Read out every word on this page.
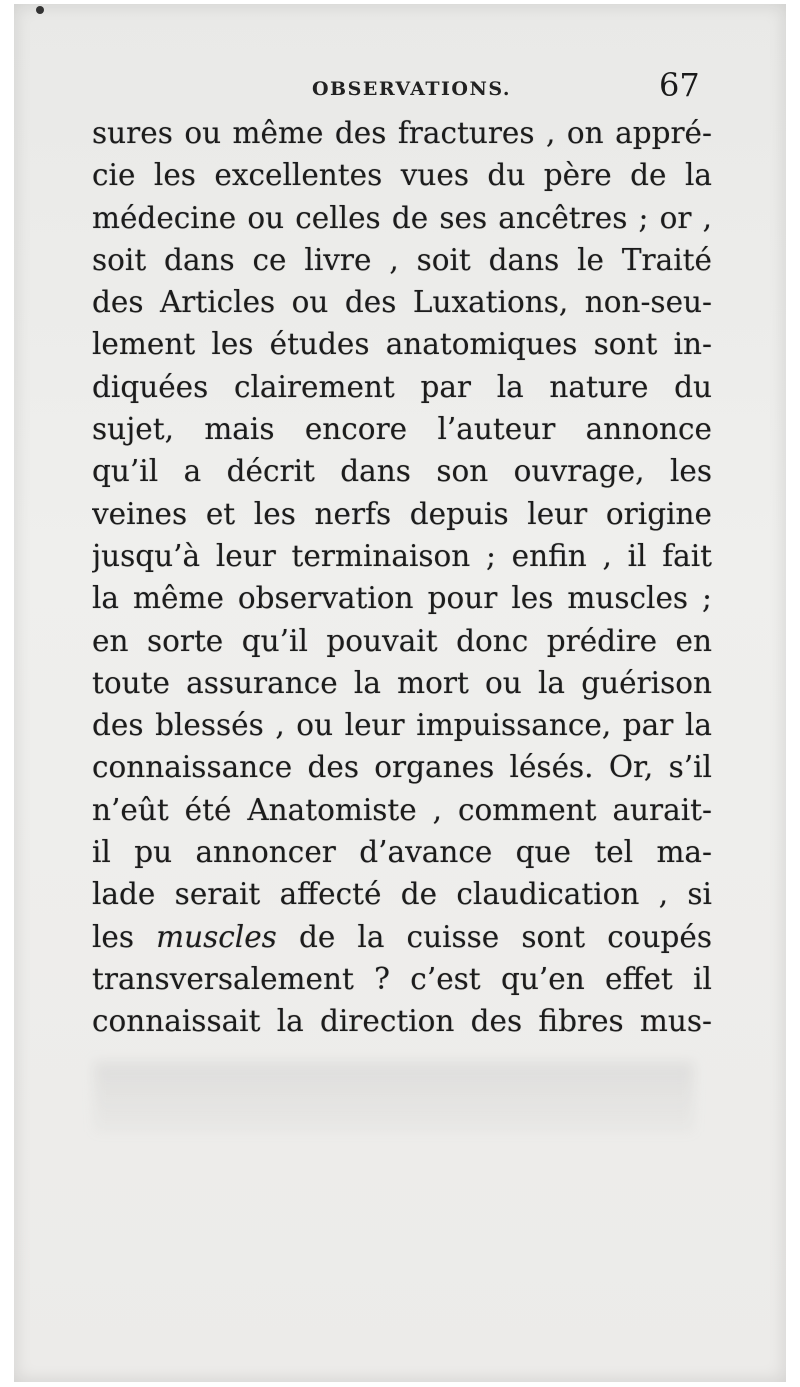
OBSERVATIONS.	67
sures ou même des fractures , on appré-
cie les excellentes vues du père de la
médecine ou celles de ses ancêtres ; or ,
soit dans ce livre , soit dans le Traité
des Articles ou des Luxations, non-seu-
lement les études anatomiques sont in-
diquées clairement par la nature du
sujet, mais encore l’auteur annonce
qu’il a décrit dans son ouvrage, les
veines et les nerfs depuis leur origine
jusqu’à leur terminaison ; enfin , il fait
la même observation pour les muscles ;
en sorte qu’il pouvait donc prédire en
toute assurance la mort ou la guérison
des blessés , ou leur impuissance, par la
connaissance des organes lésés. Or, s’il
n’eût été Anatomiste , comment aurait-
il pu annoncer d’avance que tel ma-
lade serait affecté de claudication , si
les muscles de la cuisse sont coupés
transversalement ? c’est qu’en effet il
connaissait la direction des fibres mus-
